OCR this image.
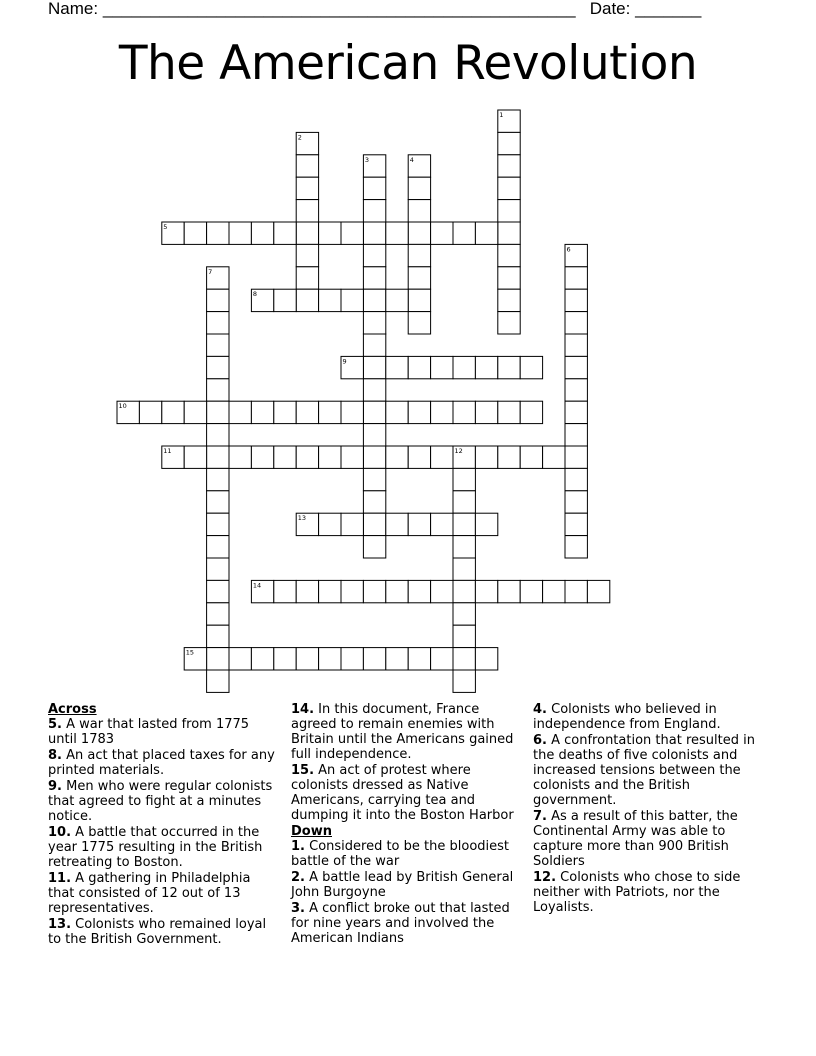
Name: __________________________________________________ Date: _______
The American Revolution
1
2
3	4
5
6
7
8
9
10
11	12
13
14
15
Across
5. A war that lasted from 1775 until 1783
8. An act that placed taxes for any printed materials.
9. Men who were regular colonists that agreed to fight at a minutes notice.
10. A battle that occurred in the year 1775 resulting in the British retreating to Boston.
11. A gathering in Philadelphia that consisted of 12 out of 13 representatives.
13. Colonists who remained loyal to the British Government.
14. In this document, France agreed to remain enemies with Britain until the Americans gained full independence.
15. An act of protest where colonists dressed as Native Americans, carrying tea and dumping it into the Boston Harbor
Down
1. Considered to be the bloodiest battle of the war
2. A battle lead by British General John Burgoyne
3. A conflict broke out that lasted for nine years and involved the American Indians
4. Colonists who believed in independence from England.
6. A confrontation that resulted in the deaths of five colonists and increased tensions between the colonists and the British government.
7. As a result of this batter, the Continental Army was able to capture more than 900 British Soldiers
12. Colonists who chose to side neither with Patriots, nor the Loyalists.
